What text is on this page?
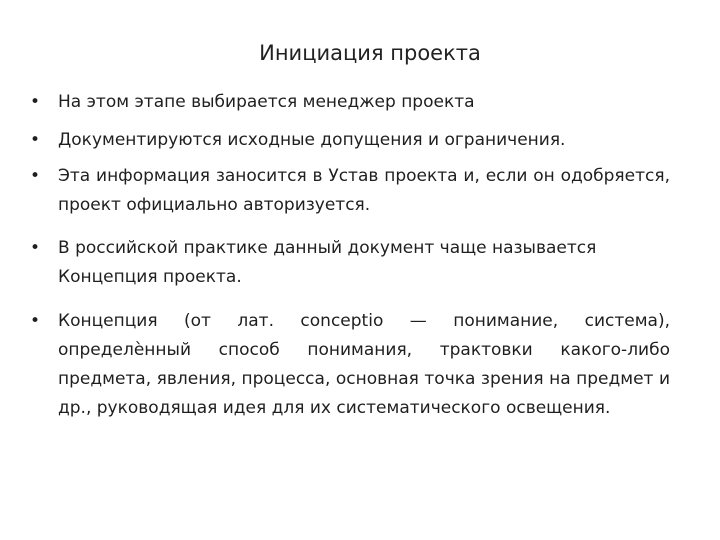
Инициация проекта
• На этом этапе выбирается менеджер проекта
• Документируются исходные допущения и ограничения.
• Эта информация заносится в Устав проекта и, если он одобряется, проект официально авторизуется.
• В российской практике данный документ чаще называется Концепция проекта.
• Концепция (от лат. conceptio — понимание, система), определѐнный способ понимания, трактовки какого-либо предмета, явления, процесса, основная точка зрения на предмет и др., руководящая идея для их систематического освещения.
